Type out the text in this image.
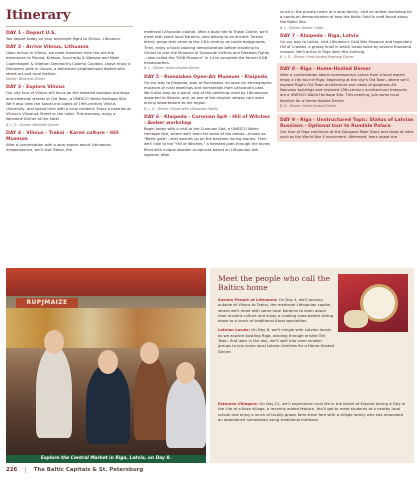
Itinerary
DAY 1 - Depart U.S.
You depart today on your overnight flight to Vilnius, Lithuania.
DAY 2 - Arrive Vilnius, Lithuania
Upon arrival in Vilnius, we meet travelers from the pre-trip extensions to Poland, Krakow, Auschwitz & Warsaw and New! Copenhagen & Odense: Denmark's Colorful Capitals. Leave enjoy a Discovery walk in Uzupis, a bohemian neighborhood dotted with street art and local fashion.
Dinner: Welcome Dinner
DAY 3 - Explore Vilnius
Our city tour of Vilnius will focus on the restored baroque buildings and medieval streets of Old Town, a UNESCO World Heritage Site. We'll also view the Soviet-era sights of 19th-century Vilnius University, and spend time with a local resident. Enjoy a pastries at Vilnius's Vilniausk Street or the hotel. This evening, enjoy a Welcome Dinner at the hotel.
B, L, D - Dinner: Welcome Dinner
DAY 4 - Vilnius - Trakai - Karmi culture - Hill Museum
After a conversation with a local expert about Lithuanian independence, we'll visit Trakai, the
medieval Lithuanian capital. After a boat ride to Trakai Castle, we'll meet with some local Karaims, who belong to an ancient Turkish ethnic group that came to the 14th century as castle bodyguards. Then, enjoy a Karai cooking demonstration before traveling to Vilnius to visit the Museum of Genocide Victims and Freedom Fights—also called the "KGB Museum" in 14 to complete the former KGB headquarters.
B, L - Dinner: Home-Hosted Dinner
DAY 5 - Rumsiskes Open-Air Museum - Klaipeda
On our way to Klaipeda, stop at Rumsiskes, an open-air ethnographic museum of rural dwellings and farmsteads from Lithuania's past. We'll also stop by a pond, one of the dwellings used by Lithuanians deported to Siberia, and, as one of the original railway cars used during deportations to the region.
B, L, D - Dinner: Dinner with Lithuanian Family
DAY 6 - Klaipeda - Curonian Spit - Hill of Witches - Amber workshop
Begin today with a visit to the Curonian Spit, a UNESCO World Heritage Site, where we'll learn for some of the amber—known as "Baltic gold"—that washes up on the beaches during storms. Then we'll hike to the "Hill of Witches," a forested path through the dunes filled with unique wooden sculptures based on Lithuanian folk legends. After
lunch in the private home of a local family, visit an amber workshop for a hands-on demonstration of how the Baltic Gold is craft found along the Baltic Sea.
B, L - Dinner: Amber Crafts
DAY 7 - Klaipeda - Riga, Latvia
On our way to Latvia, visit Lithuania's Cold War Museum and legendary Hill of Crosses, a grassy knoll in which locals bond by several thousand crosses. We'll arrive in Riga later this evening.
B, L, D - Dinner: Hotel-Hosted Regional Dinner
DAY 8 - Riga - Home-Hosted Dinner
After a conversation about contemporary Latvia from a local expert, enjoy a city tour of Riga, beginning at the city's Old Town, where we'll explore Riga's Old Town architecture and views of gorgeous Art Nouveau buildings and restored 13th-century architectural treasures are a UNESCO World Heritage Site. This evening, join some local families for a Home-Hosted Dinner.
B, D - Dinner: Home-Hosted Dinner
DAY 9 - Riga - Unstructured Topic: Status of Latvian Russians - Optional tour to Rundale Palace
Our tour of Riga continues at the Daugava Moor Story and stops at sites such as the World War II monument. Afterward, learn about the
RUPJMAIZE
Explore the Central Market in Riga, Latvia, on Day 8.
Meet the people who call the Baltics home
Karaim People of Lithuania: On Day 4, we'll journey outside of Vilnius to Trakai, the medieval Lithuanian capital, where we'll meet with some local Karaims to learn about their ancient culture and enjoy a cooking class before sitting down to a lunch of traditional Karai specialties.
Latvian Locals: On Day 8, we'll mingle with Latvian locals as we explore bustling Riga, winding through ornate Old Town. And later in the day, we'll split into even smaller groups to join some local Latvian families for a Home-Hosted Dinner.
Estonian Villagers: On Day 12, we'll experience rural life in the island of Estonia during A Day in the Life of a Kose village, a recently added feature. You'll get to meet students at a nearby local school and enjoy a lunch of locally-grown farm-fresh fare with a village family who has renovated an abandoned homestead using traditional methods.
226	The Baltic Capitals & St. Petersburg
